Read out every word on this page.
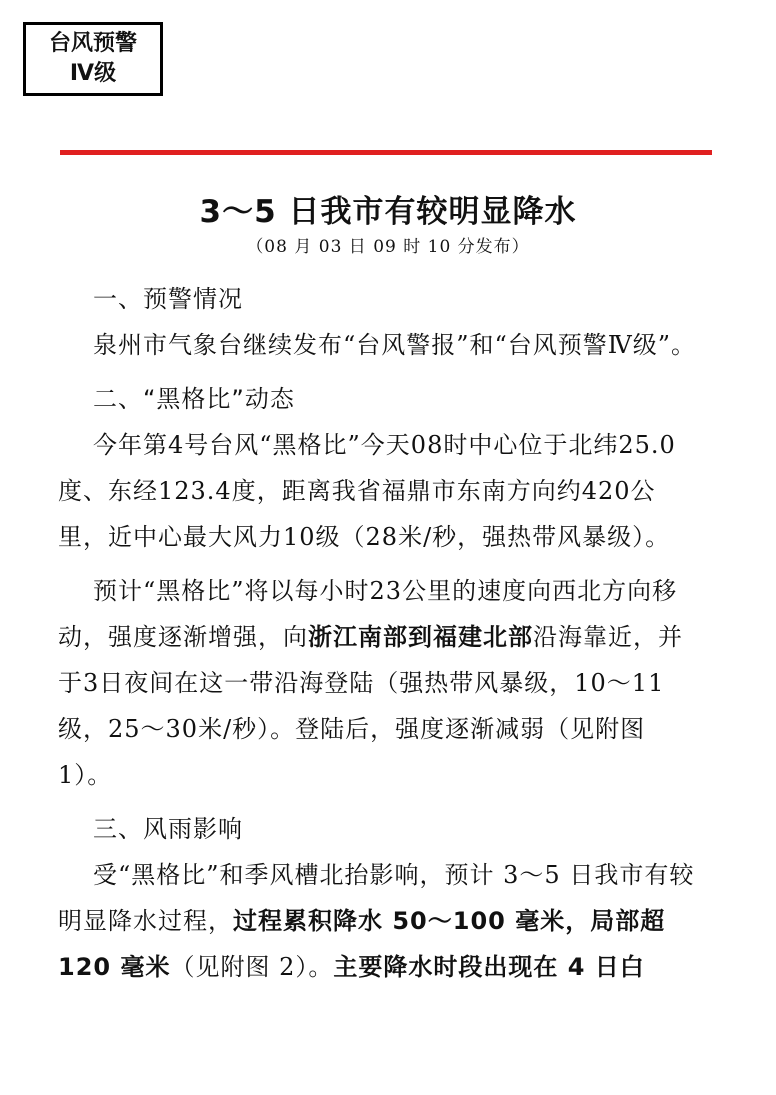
台风预警
Ⅳ级
3～5 日我市有较明显降水
（08 月 03 日 09 时 10 分发布）

一、预警情况

泉州市气象台继续发布“台风警报”和“台风预警Ⅳ级”。

二、“黑格比”动态

今年第4号台风“黑格比”今天08时中心位于北纬25.0度、东经123.4度，距离我省福鼎市东南方向约420公里，近中心最大风力10级（28米/秒，强热带风暴级）。

预计“黑格比”将以每小时23公里的速度向西北方向移动，强度逐渐增强，向浙江南部到福建北部沿海靠近，并于3日夜间在这一带沿海登陆（强热带风暴级，10～11级，25～30米/秒）。登陆后，强度逐渐减弱（见附图1）。

三、风雨影响

受“黑格比”和季风槽北抬影响，预计 3～5 日我市有较明显降水过程，过程累积降水 50～100 毫米，局部超 120 毫米（见附图 2）。主要降水时段出现在 4 日白
